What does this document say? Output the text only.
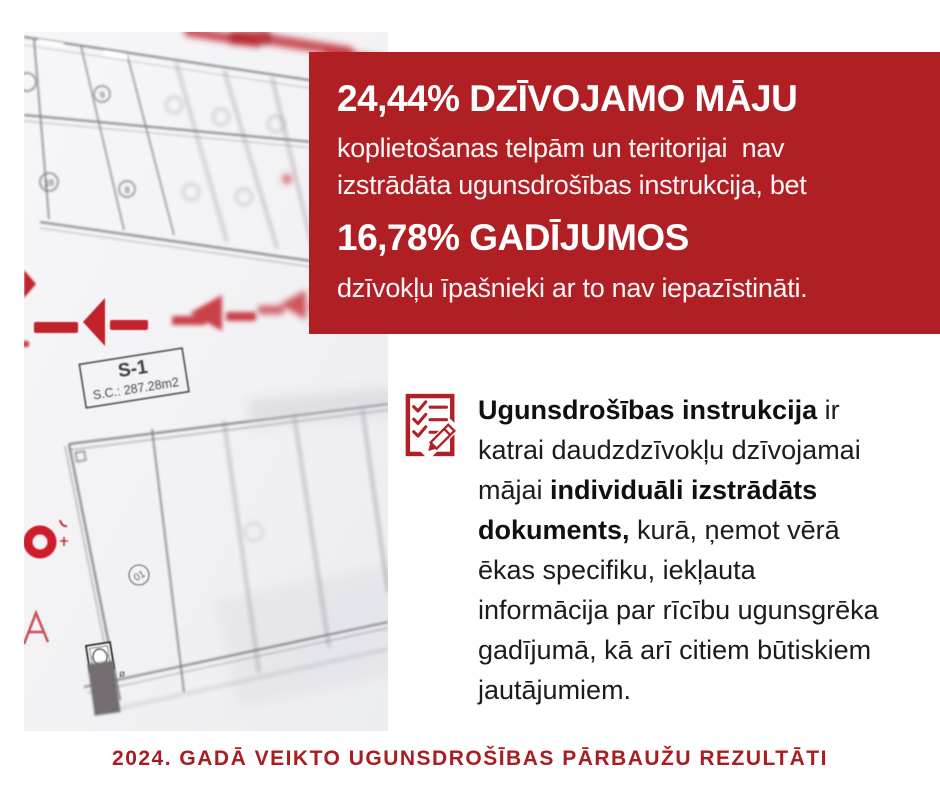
28
9
8
S-1
S.C.: 287.28m2
01
ø
24,44% DZĪVOJAMO MĀJU
koplietošanas telpām un teritorijai  nav
izstrādāta ugunsdrošības instrukcija, bet
16,78% GADĪJUMOS
dzīvokļu īpašnieki ar to nav iepazīstināti.
Ugunsdrošības instrukcija ir
katrai daudzdzīvokļu dzīvojamai
mājai individuāli izstrādāts
dokuments, kurā, ņemot vērā
ēkas specifiku, iekļauta
informācija par rīcību ugunsgrēka
gadījumā, kā arī citiem būtiskiem
jautājumiem.
2024. GADĀ VEIKTO UGUNSDROŠĪBAS PĀRBAUŽU REZULTĀTI
